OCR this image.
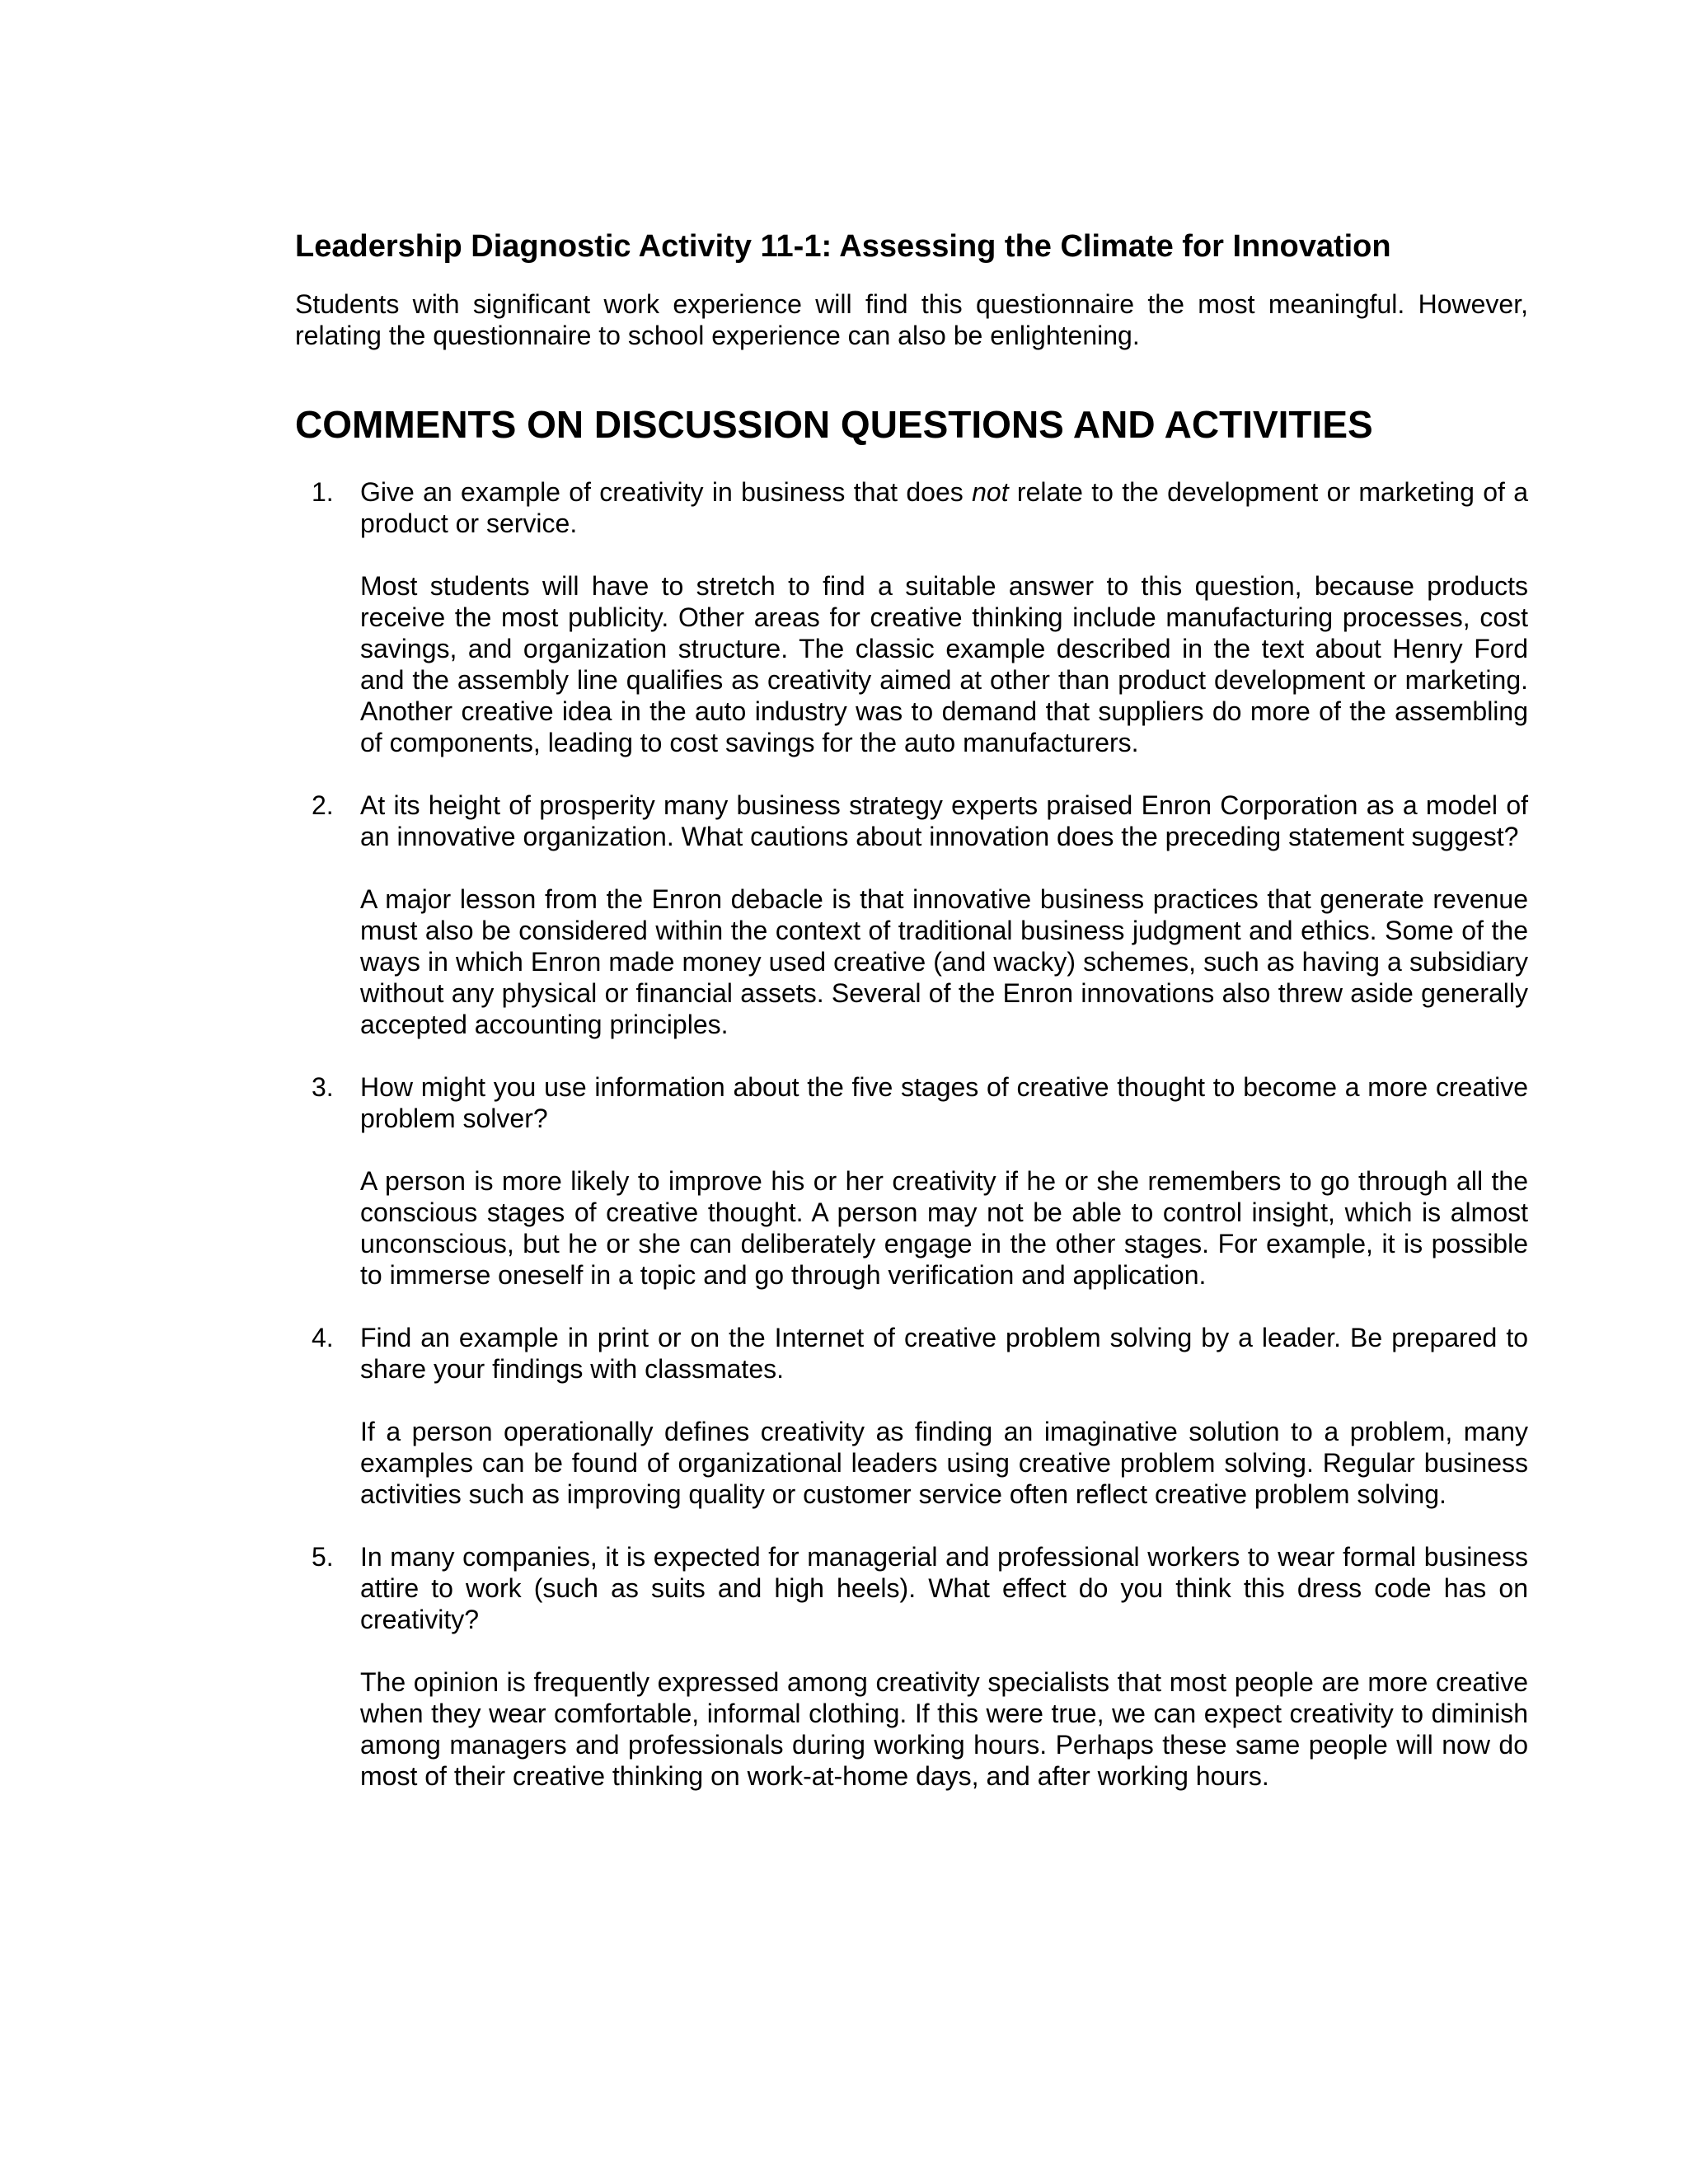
Leadership Diagnostic Activity 11-1: Assessing the Climate for Innovation

Students with significant work experience will find this questionnaire the most meaningful. However, relating the questionnaire to school experience can also be enlightening.

COMMENTS ON DISCUSSION QUESTIONS AND ACTIVITIES
1. Give an example of creativity in business that does not relate to the development or marketing of a product or service.

Most students will have to stretch to find a suitable answer to this question, because products receive the most publicity. Other areas for creative thinking include manufacturing processes, cost savings, and organization structure. The classic example described in the text about Henry Ford and the assembly line qualifies as creativity aimed at other than product development or marketing. Another creative idea in the auto industry was to demand that suppliers do more of the assembling of components, leading to cost savings for the auto manufacturers.

2. At its height of prosperity many business strategy experts praised Enron Corporation as a model of an innovative organization. What cautions about innovation does the preceding statement suggest?

A major lesson from the Enron debacle is that innovative business practices that generate revenue must also be considered within the context of traditional business judgment and ethics. Some of the ways in which Enron made money used creative (and wacky) schemes, such as having a subsidiary without any physical or financial assets. Several of the Enron innovations also threw aside generally accepted accounting principles.

3. How might you use information about the five stages of creative thought to become a more creative problem solver?

A person is more likely to improve his or her creativity if he or she remembers to go through all the conscious stages of creative thought. A person may not be able to control insight, which is almost unconscious, but he or she can deliberately engage in the other stages. For example, it is possible to immerse oneself in a topic and go through verification and application.

4. Find an example in print or on the Internet of creative problem solving by a leader. Be prepared to share your findings with classmates.

If a person operationally defines creativity as finding an imaginative solution to a problem, many examples can be found of organizational leaders using creative problem solving. Regular business activities such as improving quality or customer service often reflect creative problem solving.

5. In many companies, it is expected for managerial and professional workers to wear formal business attire to work (such as suits and high heels). What effect do you think this dress code has on creativity?

The opinion is frequently expressed among creativity specialists that most people are more creative when they wear comfortable, informal clothing. If this were true, we can expect creativity to diminish among managers and professionals during working hours. Perhaps these same people will now do most of their creative thinking on work-at-home days, and after working hours.
